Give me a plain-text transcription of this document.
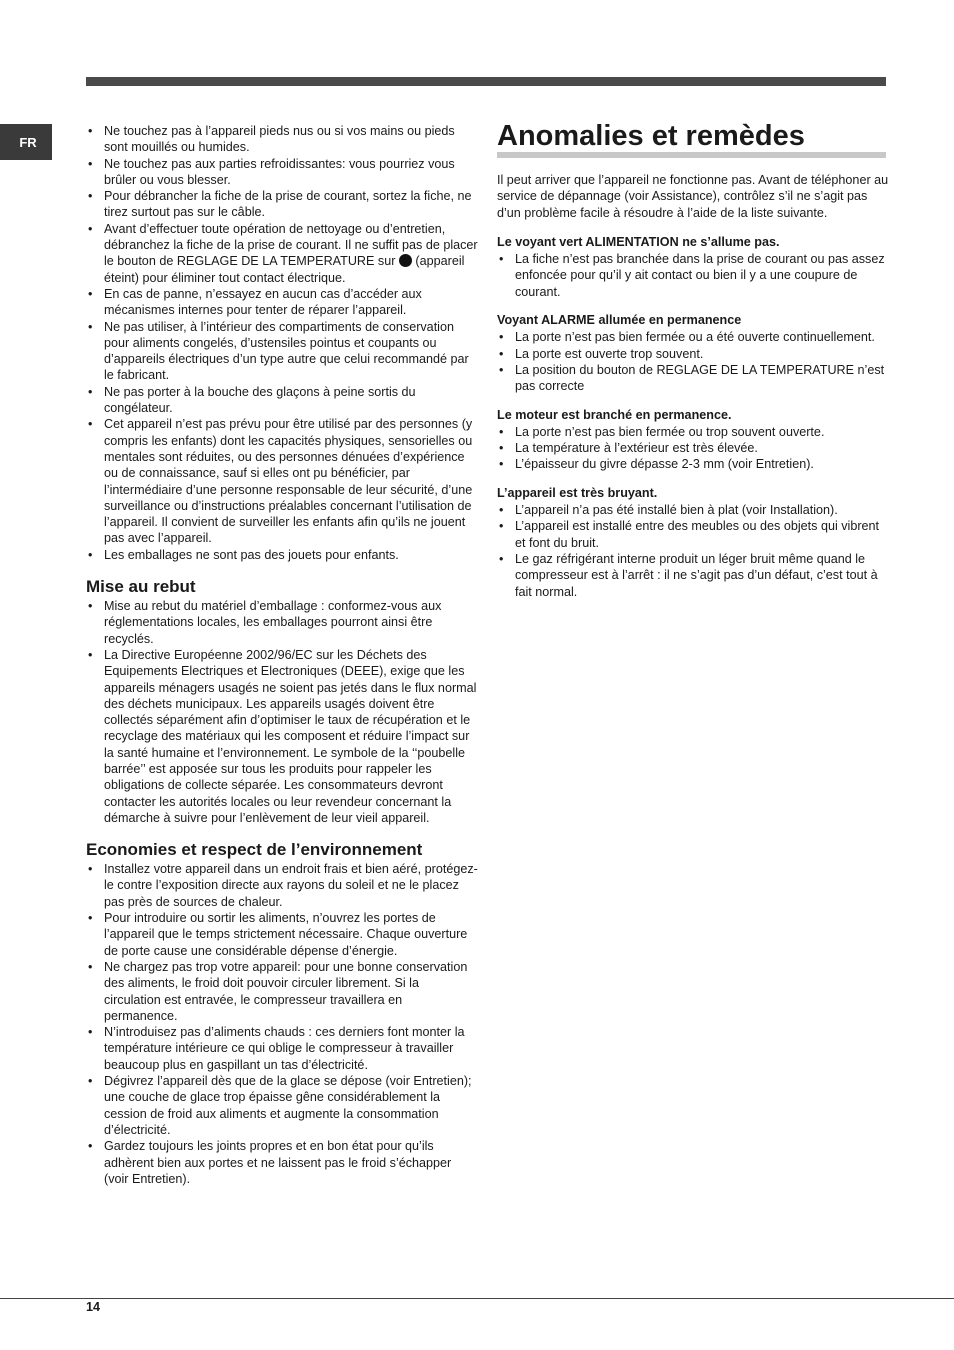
FR
• Ne touchez pas à l’appareil pieds nus ou si vos mains ou pieds sont mouillés ou humides.
• Ne touchez pas aux parties refroidissantes: vous pourriez vous brûler ou vous blesser.
• Pour débrancher la fiche de la prise de courant, sortez la fiche, ne tirez surtout pas sur le câble.
• Avant d’effectuer toute opération de nettoyage ou d’entretien, débranchez la fiche de la prise de courant. Il ne suffit pas de placer le bouton de REGLAGE DE LA TEMPERATURE sur  (appareil éteint) pour éliminer tout contact électrique.
• En cas de panne, n’essayez en aucun cas d’accéder aux mécanismes internes pour tenter de réparer l’appareil.
• Ne pas utiliser, à l’intérieur des compartiments de conservation pour aliments congelés, d’ustensiles pointus et coupants ou d’appareils électriques d’un type autre que celui recommandé par le fabricant.
• Ne pas porter à la bouche des glaçons à peine sortis du congélateur.
• Cet appareil n’est pas prévu pour être utilisé par des personnes (y compris les enfants) dont les capacités physiques, sensorielles ou mentales sont réduites, ou des personnes dénuées d’expérience ou de connaissance, sauf si elles ont pu bénéficier, par l’intermédiaire d’une personne responsable de leur sécurité, d’une surveillance ou d’instructions préalables concernant l’utilisation de l’appareil. Il convient de surveiller les enfants afin qu’ils ne jouent pas avec l’appareil.
• Les emballages ne sont pas des jouets pour enfants.
Mise au rebut
• Mise au rebut du matériel d’emballage : conformez-vous aux réglementations locales, les emballages pourront ainsi être recyclés.
• La Directive Européenne 2002/96/EC sur les Déchets des Equipements Electriques et Electroniques (DEEE), exige que les appareils ménagers usagés ne soient pas jetés dans le flux normal des déchets municipaux. Les appareils usagés doivent être collectés séparément afin d’optimiser le taux de récupération et le recyclage des matériaux qui les composent et réduire l’impact sur la santé humaine et l’environnement. Le symbole de la ‘‘poubelle barrée’’ est apposée sur tous les produits pour rappeler les obligations de collecte séparée. Les consommateurs devront contacter les autorités locales ou leur revendeur concernant la démarche à suivre pour l’enlèvement de leur vieil appareil.
Economies et respect de l’environnement
• Installez votre appareil dans un endroit frais et bien aéré, protégez-le contre l’exposition directe aux rayons du soleil et ne le placez pas près de sources de chaleur.
• Pour introduire ou sortir les aliments, n’ouvrez les portes de l’appareil que le temps strictement nécessaire. Chaque ouverture de porte cause une considérable dépense d’énergie.
• Ne chargez pas trop votre appareil: pour une bonne conservation des aliments, le froid doit pouvoir circuler librement. Si la circulation est entravée, le compresseur travaillera en permanence.
• N’introduisez pas d’aliments chauds : ces derniers font monter la température intérieure ce qui oblige le compresseur à travailler beaucoup plus en gaspillant un tas d’électricité.
• Dégivrez l’appareil dès que de la glace se dépose (voir Entretien); une couche de glace trop épaisse gêne considérablement la cession de froid aux aliments et augmente la consommation d’électricité.
• Gardez toujours les joints propres et en bon état pour qu’ils adhèrent bien aux portes et ne laissent pas le froid s’échapper (voir Entretien).
Anomalies et remèdes

Il peut arriver que l’appareil ne fonctionne pas. Avant de téléphoner au service de dépannage (voir Assistance), contrôlez s’il ne s’agit pas d’un problème facile à résoudre à l’aide de la liste suivante.

Le voyant vert ALIMENTATION ne s’allume pas.
• La fiche n’est pas branchée dans la prise de courant ou pas assez enfoncée pour qu’il y ait contact ou bien il y a une coupure de courant.
Voyant ALARME allumée en permanence
• La porte n’est pas bien fermée ou a été ouverte continuellement.
• La porte est ouverte trop souvent.
• La position du bouton de REGLAGE DE LA TEMPERATURE n’est pas correcte
Le moteur est branché en permanence.
• La porte n’est pas bien fermée ou trop souvent ouverte.
• La température à l’extérieur est très élevée.
• L’épaisseur du givre dépasse 2-3 mm (voir Entretien).
L’appareil est très bruyant.
• L’appareil n’a pas été installé bien à plat (voir Installation).
• L’appareil est installé entre des meubles ou des objets qui vibrent et font du bruit.
• Le gaz réfrigérant interne produit un léger bruit même quand le compresseur est à l’arrêt : il ne s’agit pas d’un défaut, c’est tout à fait normal.
14
